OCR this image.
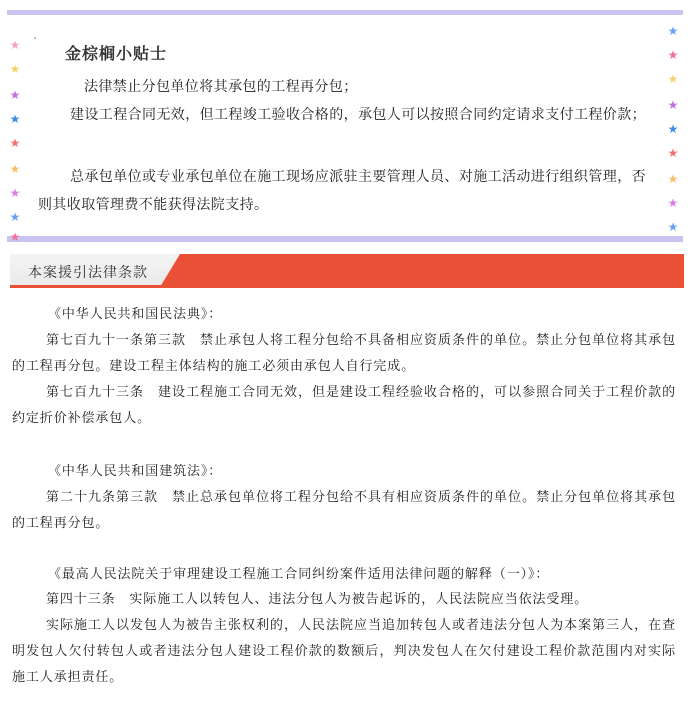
★
★
★
★
★
★
★
★
★
★
★
★
★
★
★
★
★
★
ˋ
金棕榈小贴士
法律禁止分包单位将其承包的工程再分包；
建设工程合同无效，但工程竣工验收合格的，承包人可以按照合同约定请求支付工程价款；
总承包单位或专业承包单位在施工现场应派驻主要管理人员、对施工活动进行组织管理，否则其收取管理费不能获得法院支持。
本案援引法律条款
《中华人民共和国民法典》：
第七百九十一条第三款　禁止承包人将工程分包给不具备相应资质条件的单位。禁止分包单位将其承包的工程再分包。建设工程主体结构的施工必须由承包人自行完成。
第七百九十三条　建设工程施工合同无效，但是建设工程经验收合格的，可以参照合同关于工程价款的约定折价补偿承包人。
《中华人民共和国建筑法》：
第二十九条第三款　禁止总承包单位将工程分包给不具有相应资质条件的单位。禁止分包单位将其承包的工程再分包。
《最高人民法院关于审理建设工程施工合同纠纷案件适用法律问题的解释（一）》：
第四十三条　实际施工人以转包人、违法分包人为被告起诉的，人民法院应当依法受理。
实际施工人以发包人为被告主张权利的，人民法院应当追加转包人或者违法分包人为本案第三人，在查明发包人欠付转包人或者违法分包人建设工程价款的数额后，判决发包人在欠付建设工程价款范围内对实际施工人承担责任。
